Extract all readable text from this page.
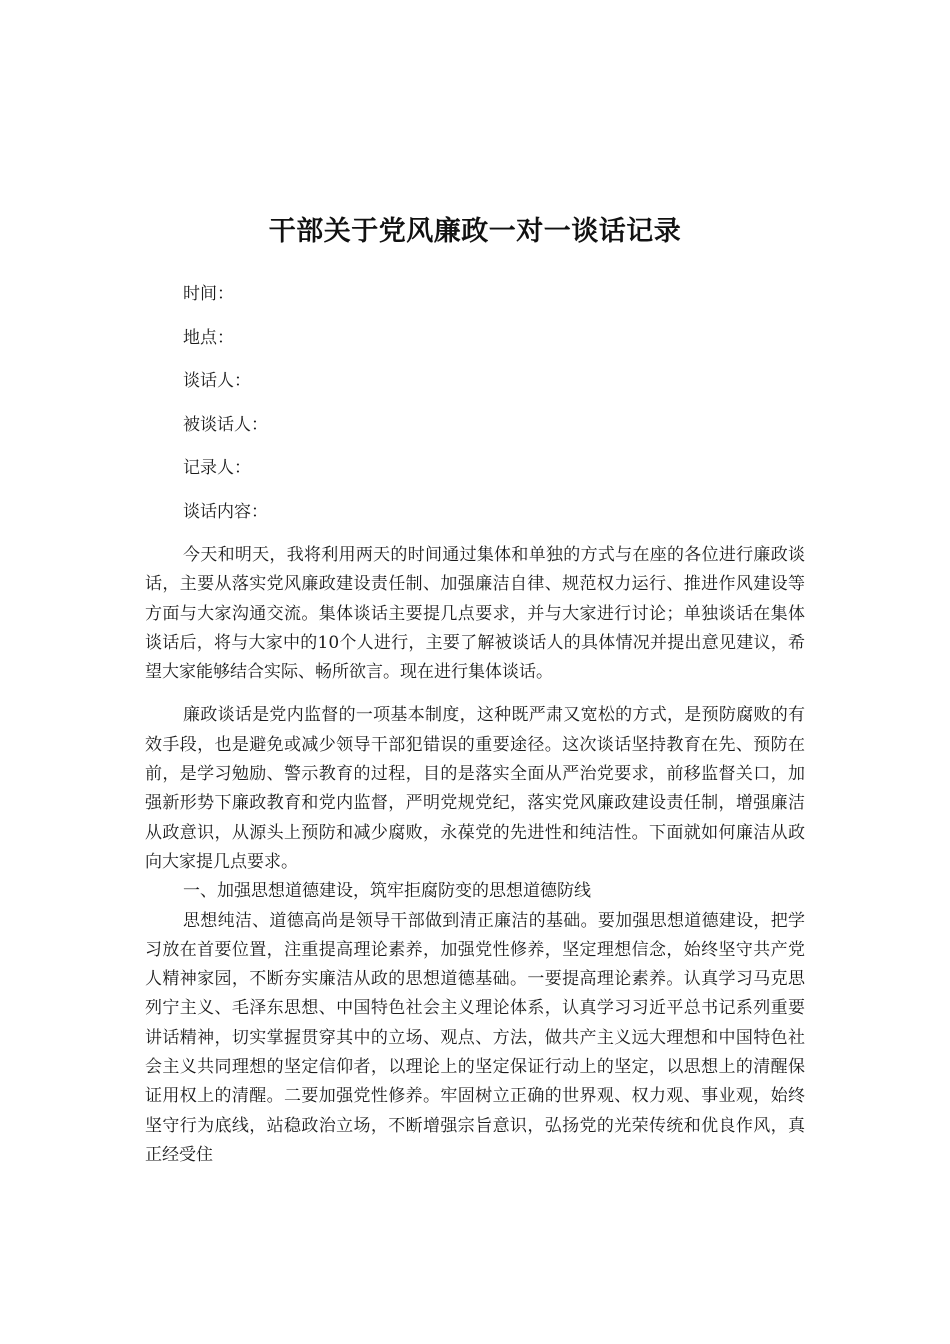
干部关于党风廉政一对一谈话记录
时间：
地点：
谈话人：
被谈话人：
记录人：
谈话内容：

今天和明天，我将利用两天的时间通过集体和单独的方式与在座的各位进行廉政谈话，主要从落实党风廉政建设责任制、加强廉洁自律、规范权力运行、推进作风建设等方面与大家沟通交流。集体谈话主要提几点要求，并与大家进行讨论；单独谈话在集体谈话后，将与大家中的10个人进行，主要了解被谈话人的具体情况并提出意见建议，希望大家能够结合实际、畅所欲言。现在进行集体谈话。

廉政谈话是党内监督的一项基本制度，这种既严肃又宽松的方式，是预防腐败的有效手段，也是避免或减少领导干部犯错误的重要途径。这次谈话坚持教育在先、预防在前，是学习勉励、警示教育的过程，目的是落实全面从严治党要求，前移监督关口，加强新形势下廉政教育和党内监督，严明党规党纪，落实党风廉政建设责任制，增强廉洁从政意识，从源头上预防和减少腐败，永葆党的先进性和纯洁性。下面就如何廉洁从政向大家提几点要求。

一、加强思想道德建设，筑牢拒腐防变的思想道德防线

思想纯洁、道德高尚是领导干部做到清正廉洁的基础。要加强思想道德建设，把学习放在首要位置，注重提高理论素养，加强党性修养，坚定理想信念，始终坚守共产党人精神家园，不断夯实廉洁从政的思想道德基础。一要提高理论素养。认真学习马克思列宁主义、毛泽东思想、中国特色社会主义理论体系，认真学习习近平总书记系列重要讲话精神，切实掌握贯穿其中的立场、观点、方法，做共产主义远大理想和中国特色社会主义共同理想的坚定信仰者，以理论上的坚定保证行动上的坚定，以思想上的清醒保证用权上的清醒。二要加强党性修养。牢固树立正确的世界观、权力观、事业观，始终坚守行为底线，站稳政治立场，不断增强宗旨意识，弘扬党的光荣传统和优良作风，真正经受住
